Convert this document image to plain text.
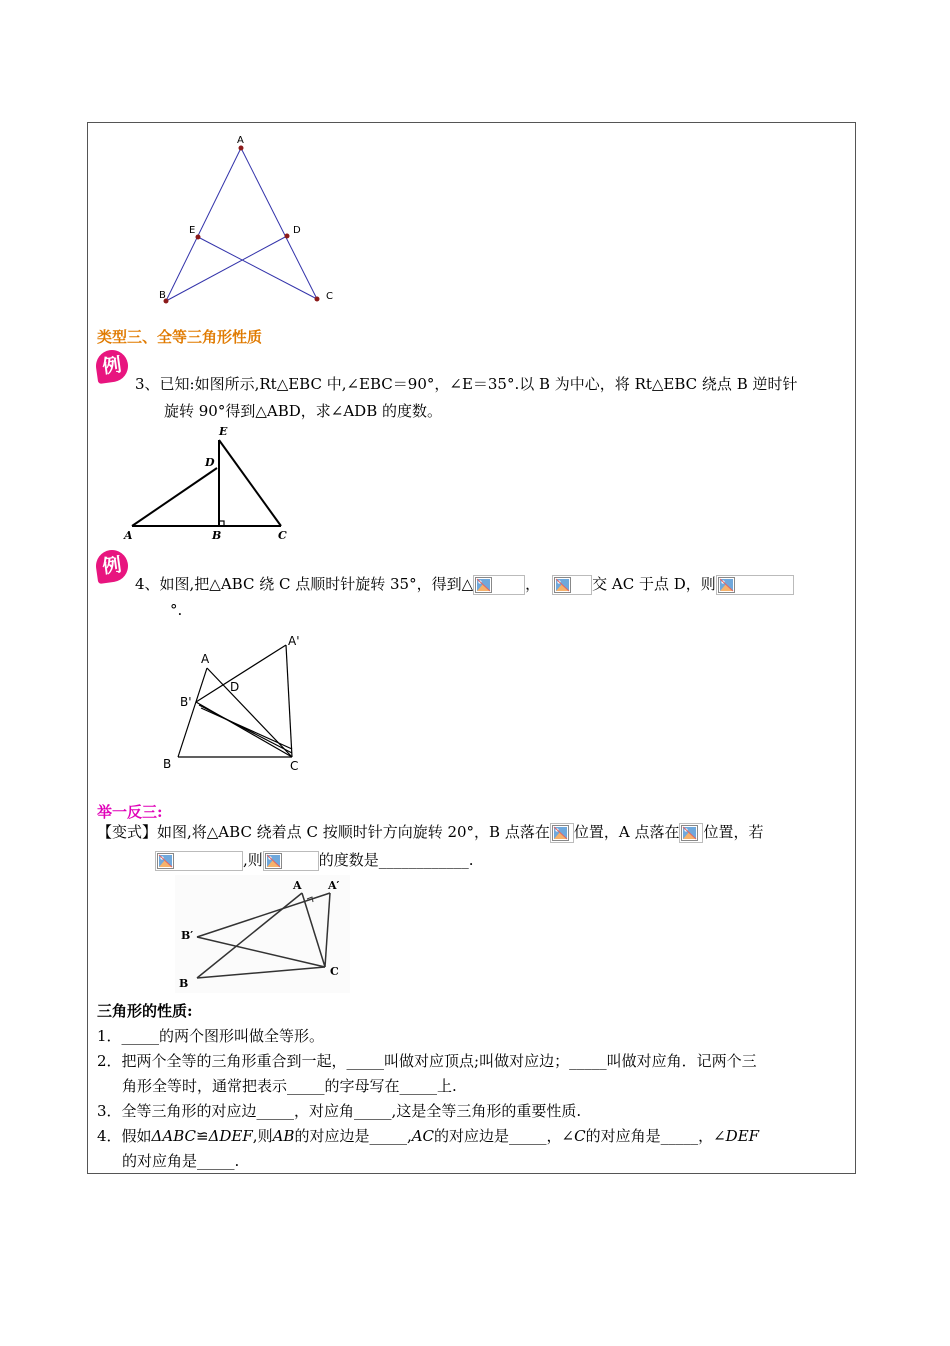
A
E	D
B	C
类型三、全等三角形性质
例
3、已知:如图所示,Rt△EBC 中,∠EBC＝90°，∠E＝35°.以 B 为中心，将 Rt△EBC 绕点 B 逆时针
旋转 90°得到△ABD，求∠ADB 的度数。
E
D
A	B	C
例
4、如图,把△ABC 绕 C 点顺时针旋转 35°，得到△	，	交 AC 于点 D，则
°.
A'
A
D
B'
B	C
举一反三:
【变式】如图,将△ABC 绕着点 C 按顺时针方向旋转 20°，B 点落在 位置，A 点落在 位置，若
,则	的度数是____________.
A A′
B′
B
C
三角形的性质:
1．_____的两个图形叫做全等形。
2．把两个全等的三角形重合到一起，_____叫做对应顶点;叫做对应边；_____叫做对应角．记两个三
角形全等时，通常把表示_____的字母写在_____上.
3．全等三角形的对应边_____，对应角_____,这是全等三角形的重要性质.
4．假如ΔABC≌ΔDEF,则AB的对应边是_____,AC的对应边是_____，∠C的对应角是_____，∠DEF
的对应角是_____.
